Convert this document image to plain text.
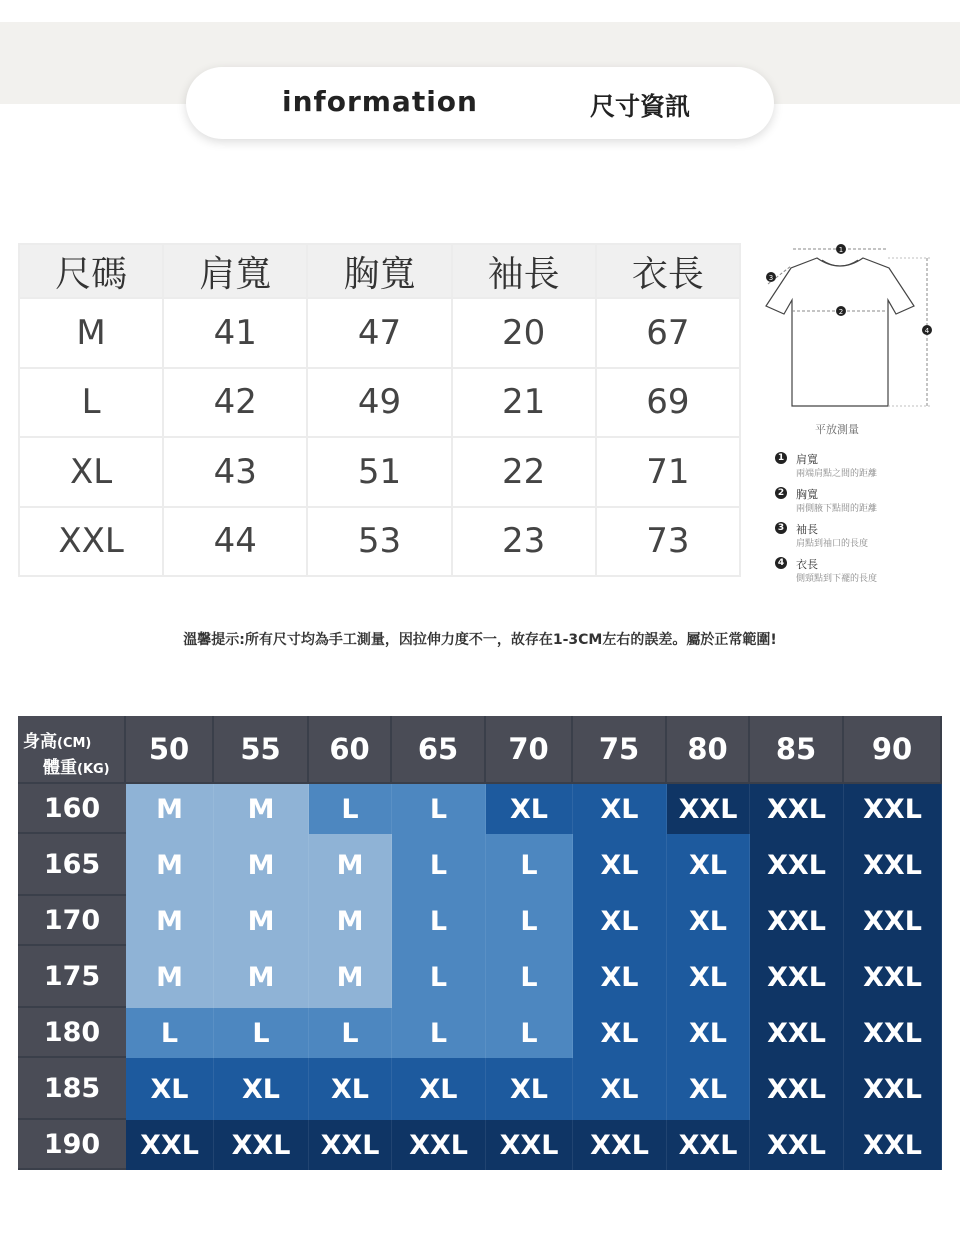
information	尺寸資訊
尺碼	肩寬	胸寬	袖長	衣長
M	41	47	20	67
L	42	49	21	69
XL	43	51	22	71
XXL	44	53	23	73
1
2
3
4
平放測量
1 肩寬
兩端肩點之間的距離
2 胸寬
兩側腋下點間的距離
3 袖長
肩點到袖口的長度
4 衣長
側頸點到下襬的長度
溫馨提示:所有尺寸均為手工測量，因拉伸力度不一，故存在1-3CM左右的誤差。屬於正常範圍!
身高(CM)
體重(KG)
50	55	60	65	70	75	80	85	90
160	M	M	L	L	XL	XL	XXL	XXL	XXL
165	M	M	M	L	L	XL	XL	XXL	XXL
170	M	M	M	L	L	XL	XL	XXL	XXL
175	M	M	M	L	L	XL	XL	XXL	XXL
180	L	L	L	L	L	XL	XL	XXL	XXL
185	XL	XL	XL	XL	XL	XL	XL	XXL	XXL
190	XXL	XXL	XXL	XXL	XXL	XXL	XXL	XXL	XXL
